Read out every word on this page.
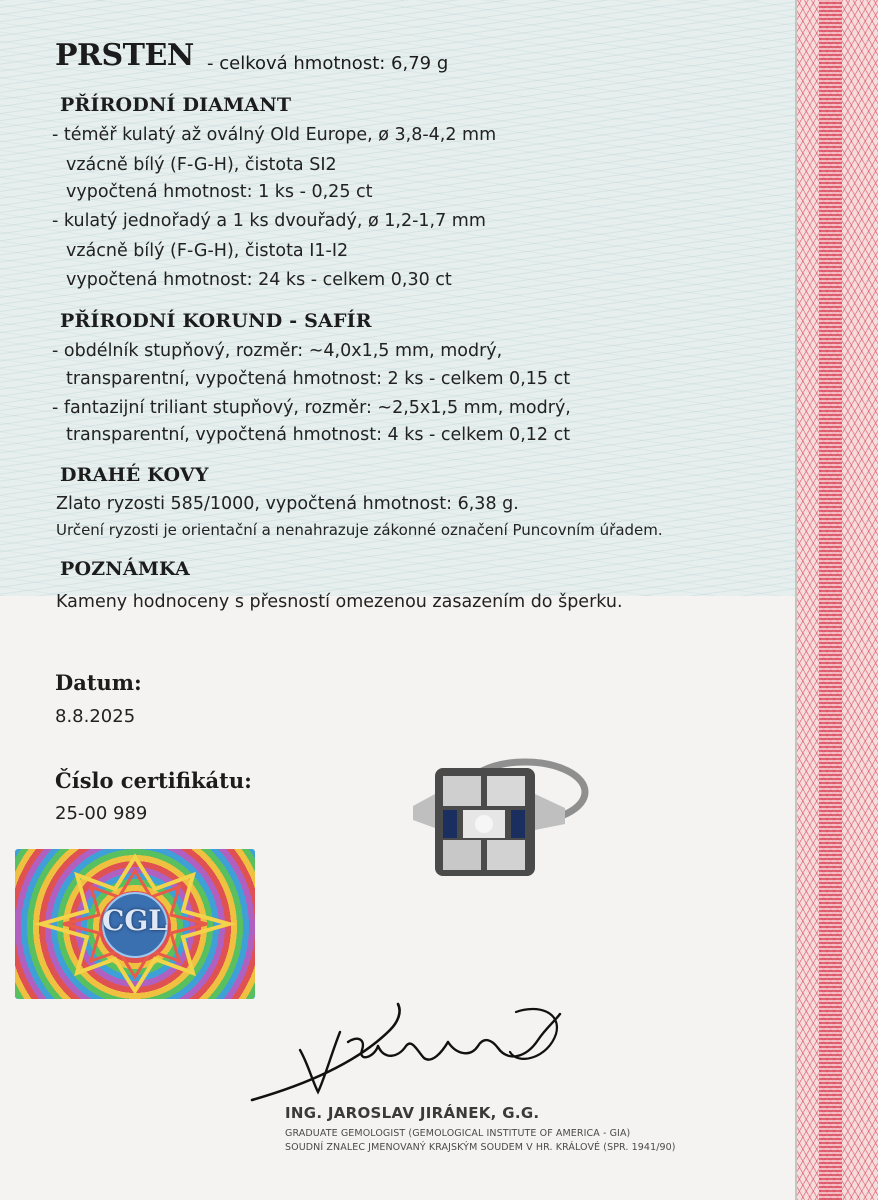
PRSTEN - celková hmotnost: 6,79 g
PŘÍRODNÍ DIAMANT
- téměř kulatý až oválný Old Europe, ø 3,8-4,2 mm
vzácně bílý (F-G-H), čistota SI2
vypočtená hmotnost: 1 ks - 0,25 ct
- kulatý jednořadý a 1 ks dvouřadý, ø 1,2-1,7 mm
vzácně bílý (F-G-H), čistota I1-I2
vypočtená hmotnost: 24 ks - celkem 0,30 ct
PŘÍRODNÍ KORUND - SAFÍR
- obdélník stupňový, rozměr: ~4,0x1,5 mm, modrý,
transparentní, vypočtená hmotnost: 2 ks - celkem 0,15 ct
- fantazijní triliant stupňový, rozměr: ~2,5x1,5 mm, modrý,
transparentní, vypočtená hmotnost: 4 ks - celkem 0,12 ct
DRAHÉ KOVY
Zlato ryzosti 585/1000, vypočtená hmotnost: 6,38 g.
Určení ryzosti je orientační a nenahrazuje zákonné označení Puncovním úřadem.
POZNÁMKA
Kameny hodnoceny s přesností omezenou zasazením do šperku.
Datum:
8.8.2025
Číslo certifikátu:
25-00 989
CGL
ING. JAROSLAV JIRÁNEK, G.G.
GRADUATE GEMOLOGIST (GEMOLOGICAL INSTITUTE OF AMERICA - GIA)
SOUDNÍ ZNALEC JMENOVANÝ KRAJSKÝM SOUDEM V HR. KRÁLOVÉ (SPR. 1941/90)
